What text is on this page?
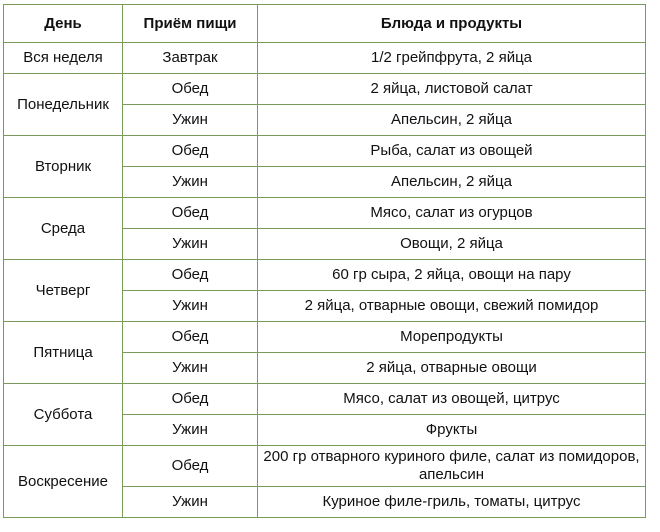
День	Приём пищи	Блюда и продукты
Вся неделя	Завтрак	1/2 грейпфрута, 2 яйца
Понедельник	Обед	2 яйца, листовой салат
	Ужин	Апельсин, 2 яйца
Вторник	Обед	Рыба, салат из овощей
	Ужин	Апельсин, 2 яйца
Среда	Обед	Мясо, салат из огурцов
	Ужин	Овощи, 2 яйца
Четверг	Обед	60 гр сыра, 2 яйца, овощи на пару
	Ужин	2 яйца, отварные овощи, свежий помидор
Пятница	Обед	Морепродукты
	Ужин	2 яйца, отварные овощи
Суббота	Обед	Мясо, салат из овощей, цитрус
	Ужин	Фрукты
Воскресение	Обед	200 гр отварного куриного филе, салат из помидоров, апельсин
	Ужин	Куриное филе-гриль, томаты, цитрус
